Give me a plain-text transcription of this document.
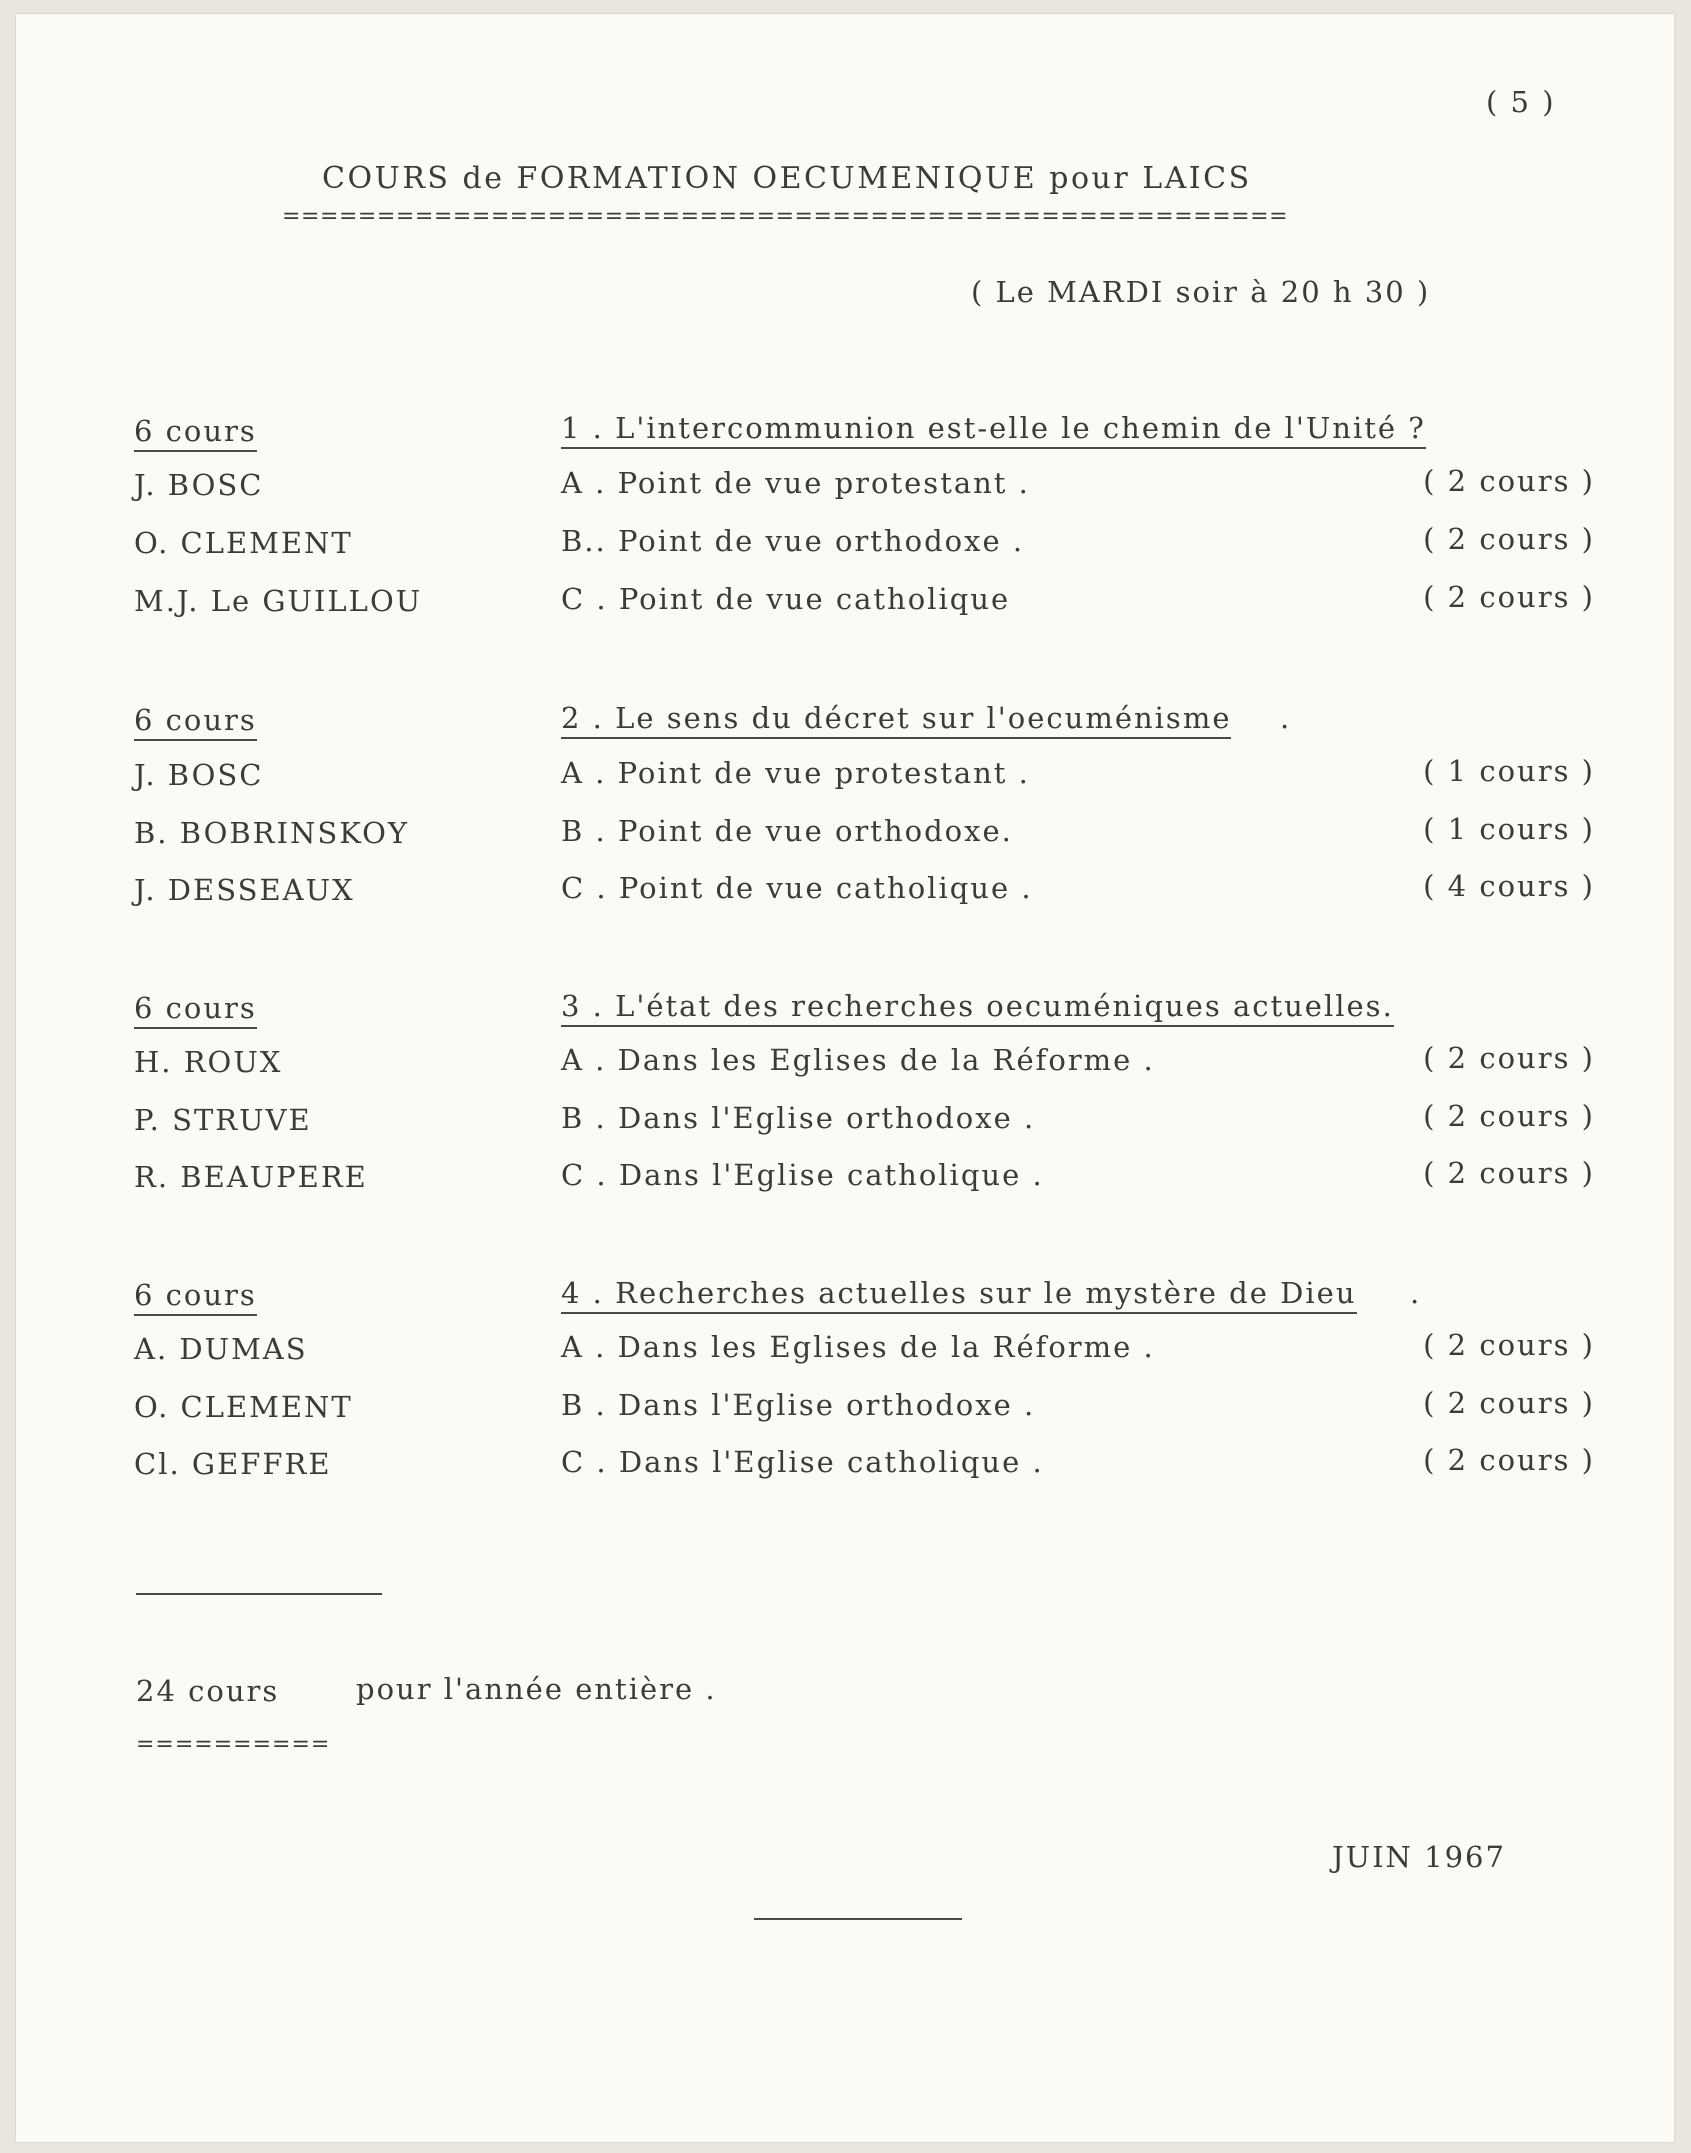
( 5 )
COURS de FORMATION OECUMENIQUE pour LAICS
=====================================================
( Le MARDI soir à 20 h 30 )
6 cours	1 . L'intercommunion est-elle le chemin de l'Unité ?
J. BOSC	A . Point de vue protestant .	( 2 cours )
O. CLEMENT	B.. Point de vue orthodoxe .	( 2 cours )
M.J. Le GUILLOU	C . Point de vue catholique	( 2 cours )
6 cours	2 . Le sens du décret sur l'oecuménisme .
J. BOSC	A . Point de vue protestant .	( 1 cours )
B. BOBRINSKOY	B . Point de vue orthodoxe.	( 1 cours )
J. DESSEAUX	C . Point de vue catholique .	( 4 cours )
6 cours	3 . L'état des recherches oecuméniques actuelles.
H. ROUX	A . Dans les Eglises de la Réforme .	( 2 cours )
P. STRUVE	B . Dans l'Eglise orthodoxe .	( 2 cours )
R. BEAUPERE	C . Dans l'Eglise catholique .	( 2 cours )
6 cours	4 . Recherches actuelles sur le mystère de Dieu .
A. DUMAS	A . Dans les Eglises de la Réforme .	( 2 cours )
O. CLEMENT	B . Dans l'Eglise orthodoxe .	( 2 cours )
Cl. GEFFRE	C . Dans l'Eglise catholique .	( 2 cours )
24 cours	pour l'année entière .
==========
JUIN 1967
